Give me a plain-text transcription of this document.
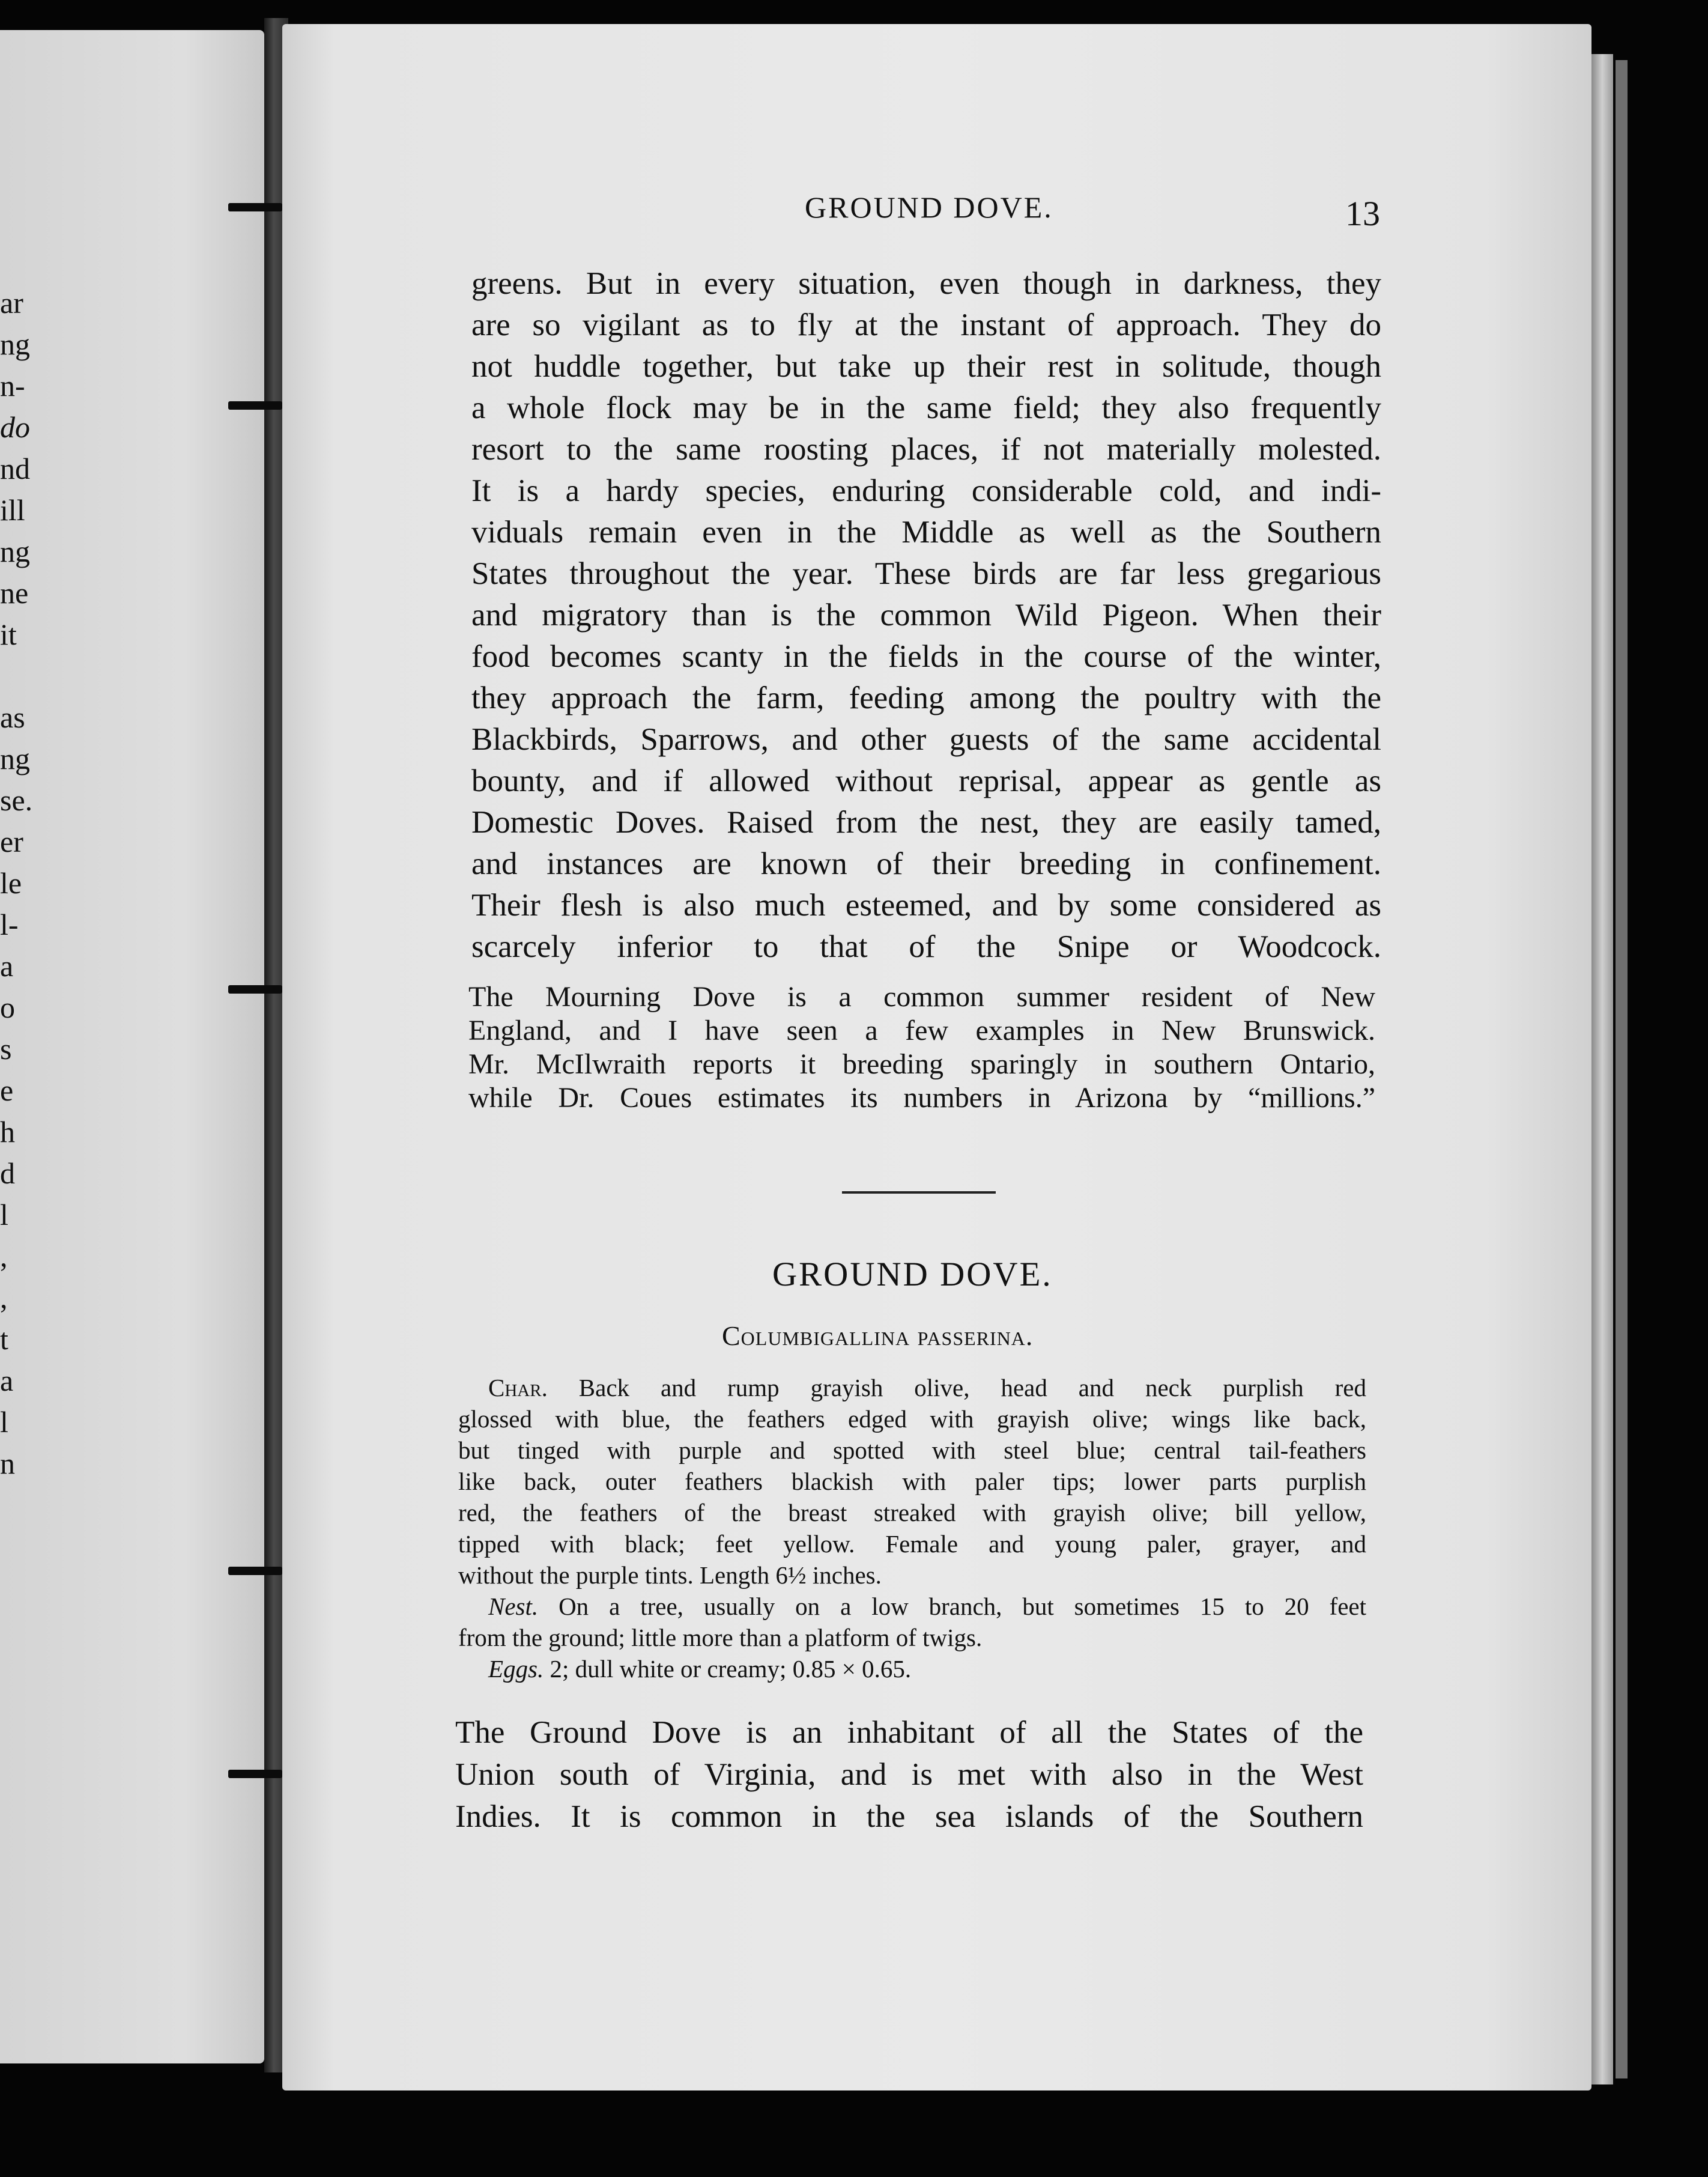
ar
ng
n-
do
nd
ill
ng
ne
it
as
ng
se.
er
le
l-
a
o
s
e
h
d
l
,
,
t
a
l
n
GROUND DOVE.	13
greens. But in every situation, even though in darkness, they
are so vigilant as to fly at the instant of approach. They do
not huddle together, but take up their rest in solitude, though
a whole flock may be in the same field; they also frequently
resort to the same roosting places, if not materially molested.
It is a hardy species, enduring considerable cold, and indi-
viduals remain even in the Middle as well as the Southern
States throughout the year. These birds are far less gregarious
and migratory than is the common Wild Pigeon. When their
food becomes scanty in the fields in the course of the winter,
they approach the farm, feeding among the poultry with the
Blackbirds, Sparrows, and other guests of the same accidental
bounty, and if allowed without reprisal, appear as gentle as
Domestic Doves. Raised from the nest, they are easily tamed,
and instances are known of their breeding in confinement.
Their flesh is also much esteemed, and by some considered as
scarcely inferior to that of the Snipe or Woodcock.
The Mourning Dove is a common summer resident of New
England, and I have seen a few examples in New Brunswick.
Mr. McIlwraith reports it breeding sparingly in southern Ontario,
while Dr. Coues estimates its numbers in Arizona by “millions.”
GROUND DOVE.
Columbigallina passerina.
Char. Back and rump grayish olive, head and neck purplish red
glossed with blue, the feathers edged with grayish olive; wings like back,
but tinged with purple and spotted with steel blue; central tail-feathers
like back, outer feathers blackish with paler tips; lower parts purplish
red, the feathers of the breast streaked with grayish olive; bill yellow,
tipped with black; feet yellow. Female and young paler, grayer, and
without the purple tints. Length 6½ inches.
Nest. On a tree, usually on a low branch, but sometimes 15 to 20 feet
from the ground; little more than a platform of twigs.
Eggs. 2; dull white or creamy; 0.85 × 0.65.
The Ground Dove is an inhabitant of all the States of the
Union south of Virginia, and is met with also in the West
Indies. It is common in the sea islands of the Southern
